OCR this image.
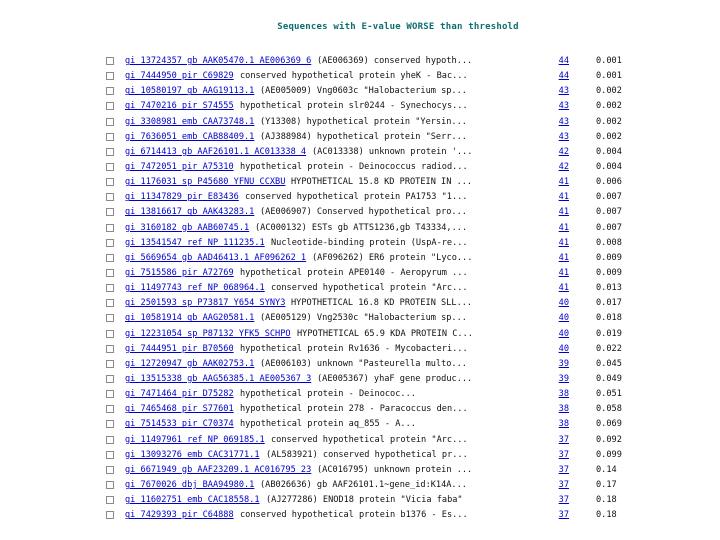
Sequences with E-value WORSE than threshold
gi 13724357 gb AAK05470.1 AE006369_6 (AE006369) conserved hypoth...	44	0.001
gi 7444950 pir C69829 conserved hypothetical protein yheK - Bac...	44	0.001
gi 10580197 gb AAG19113.1 (AE005009) Vng0603c "Halobacterium sp...	43	0.002
gi 7470216 pir S74555 hypothetical protein slr0244 - Synechocys...	43	0.002
gi 3308981 emb CAA73748.1 (Y13308) hypothetical protein "Yersin...	43	0.002
gi 7636051 emb CAB88409.1 (AJ388984) hypothetical protein "Serr...	43	0.002
gi 6714413 gb AAF26101.1 AC013338_4 (AC013338) unknown protein '...	42	0.004
gi 7472051 pir A75310 hypothetical protein - Deinococcus radiod...	42	0.004
gi 1176031 sp P45680 YFNU_CCXBU HYPOTHETICAL 15.8 KD PROTEIN IN ...	41	0.006
gi 11347829 pir E83436 conserved hypothetical protein PA1753 "1...	41	0.007
gi 13816617 gb AAK43283.1 (AE006907) Conserved hypothetical pro...	41	0.007
gi 3160182 gb AAB60745.1 (AC000132) ESTs gb ATTS1236,gb T43334,...	41	0.007
gi 13541547 ref NP_111235.1 Nucleotide-binding protein (UspA-re...	41	0.008
gi 5669654 gb AAD46413.1 AF096262_1 (AF096262) ER6 protein "Lyco...	41	0.009
gi 7515586 pir A72769 hypothetical protein APE0140 - Aeropyrum ...	41	0.009
gi 11497743 ref NP_068964.1 conserved hypothetical protein "Arc...	41	0.013
gi 2501593 sp P73817 Y654_SYNY3 HYPOTHETICAL 16.8 KD PROTEIN SLL...	40	0.017
gi 10581914 gb AAG20581.1 (AE005129) Vng2530c "Halobacterium sp...	40	0.018
gi 12231054 sp P87132 YFK5_SCHPO HYPOTHETICAL 65.9 KDA PROTEIN C...	40	0.019
gi 7444951 pir B70560 hypothetical protein Rv1636 - Mycobacteri...	40	0.022
gi 12720947 gb AAK02753.1 (AE006103) unknown "Pasteurella multo...	39	0.045
gi 13515338 gb AAG56385.1 AE005367_3 (AE005367) yhaF gene produc...	39	0.049
gi 7471464 pir D75282 hypothetical protein - Deinococ...	38	0.051
gi 7465468 pir S77601 hypothetical protein 278 - Paracoccus den...	38	0.058
gi 7514533 pir C70374 hypothetical protein aq_855 - A...	38	0.069
gi 11497961 ref NP_069185.1 conserved hypothetical protein "Arc...	37	0.092
gi 13093276 emb CAC31771.1 (AL583921) conserved hypothetical pr...	37	0.099
gi 6671949 gb AAF23209.1 AC016795_23 (AC016795) unknown protein ...	37	0.14
gi 7670026 dbj BAA94980.1 (AB026636) gb AAF26101.1~gene_id:K14A...	37	0.17
gi 11602751 emb CAC18558.1 (AJ277286) ENOD18 protein "Vicia faba"	37	0.18
gi 7429393 pir C64888 conserved hypothetical protein b1376 - Es...	37	0.18
